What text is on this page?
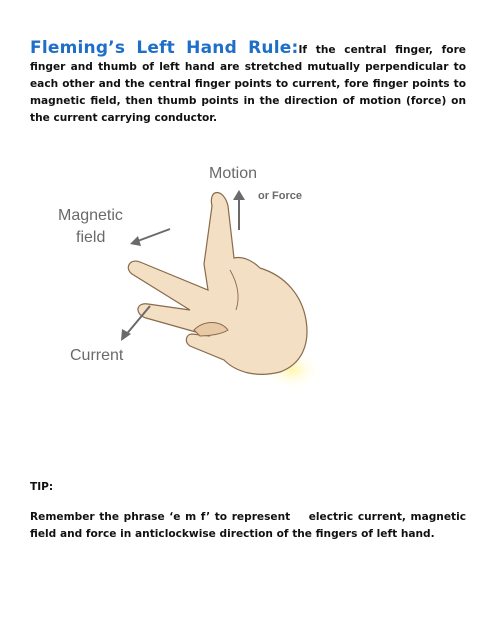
Fleming’s Left Hand Rule:If the central finger, fore finger and thumb of left hand are stretched mutually perpendicular to each other and the central finger points to current, fore finger points to magnetic field, then thumb points in the direction of motion (force) on the current carrying conductor.

Motion
or Force
Magnetic
field
Current
TIP:

Remember the phrase ‘e m f’ to represent    electric current, magnetic field and force in anticlockwise direction of the fingers of left hand.
